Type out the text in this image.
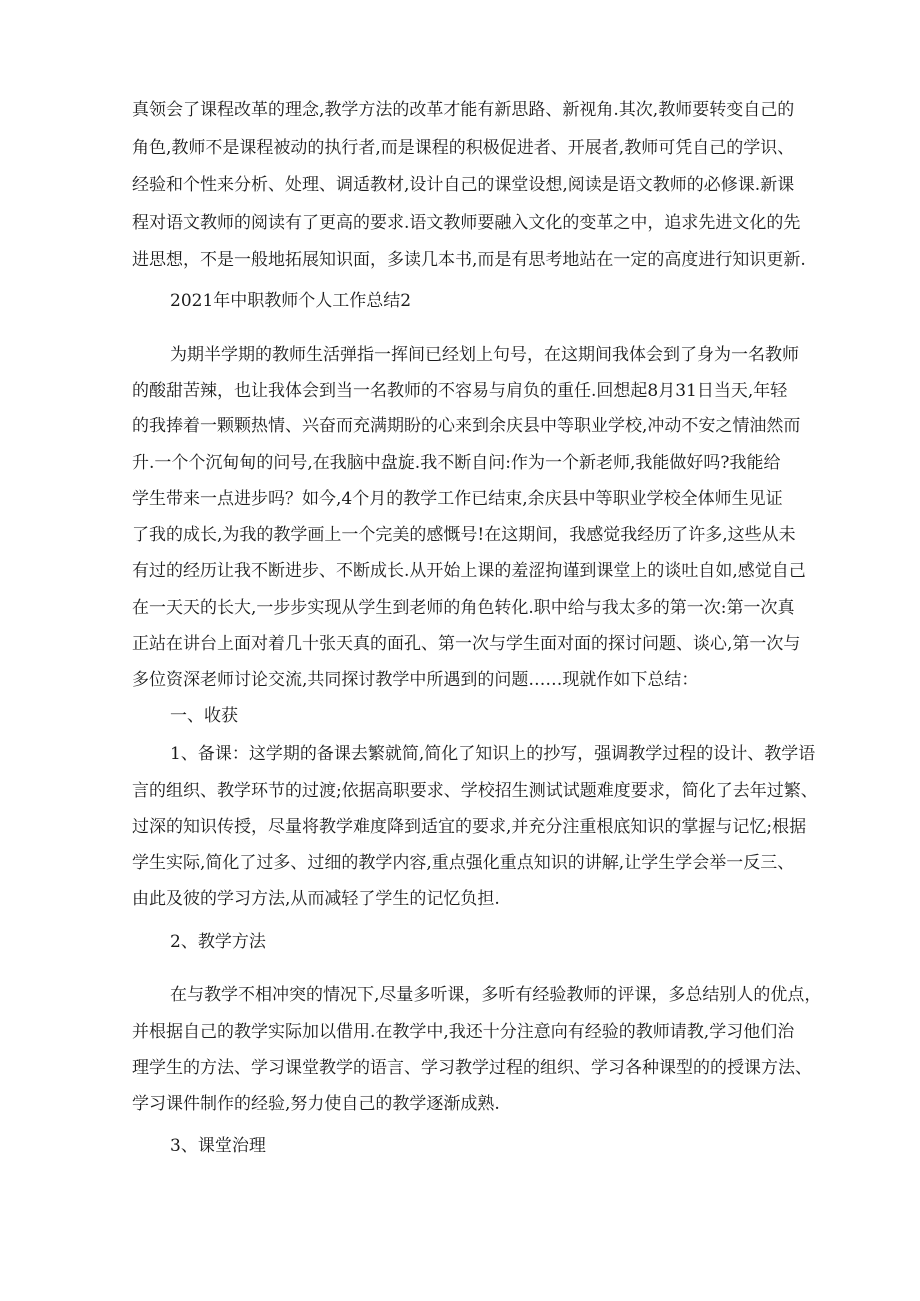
真领会了课程改革的理念,教学方法的改革才能有新思路、新视角.其次,教师要转变自己的
角色,教师不是课程被动的执行者,而是课程的积极促进者、开展者,教师可凭自己的学识、
经验和个性来分析、处理、调适教材,设计自己的课堂设想,阅读是语文教师的必修课.新课
程对语文教师的阅读有了更高的要求.语文教师要融入文化的变革之中，追求先进文化的先
进思想，不是一般地拓展知识面，多读几本书,而是有思考地站在一定的高度进行知识更新.
2021年中职教师个人工作总结2
为期半学期的教师生活弹指一挥间已经划上句号，在这期间我体会到了身为一名教师
的酸甜苦辣，也让我体会到当一名教师的不容易与肩负的重任.回想起8月31日当天,年轻
的我捧着一颗颗热情、兴奋而充满期盼的心来到余庆县中等职业学校,冲动不安之情油然而
升.一个个沉甸甸的问号,在我脑中盘旋.我不断自问:作为一个新老师,我能做好吗?我能给
学生带来一点进步吗？如今,4个月的教学工作已结束,余庆县中等职业学校全体师生见证
了我的成长,为我的教学画上一个完美的感慨号!在这期间，我感觉我经历了许多,这些从未
有过的经历让我不断进步、不断成长.从开始上课的羞涩拘谨到课堂上的谈吐自如,感觉自己
在一天天的长大,一步步实现从学生到老师的角色转化.职中给与我太多的第一次:第一次真
正站在讲台上面对着几十张天真的面孔、第一次与学生面对面的探讨问题、谈心,第一次与
多位资深老师讨论交流,共同探讨教学中所遇到的问题……现就作如下总结：
一、收获
1、备课：这学期的备课去繁就简,简化了知识上的抄写，强调教学过程的设计、教学语
言的组织、教学环节的过渡;依据高职要求、学校招生测试试题难度要求，简化了去年过繁、
过深的知识传授，尽量将教学难度降到适宜的要求,并充分注重根底知识的掌握与记忆;根据
学生实际,简化了过多、过细的教学内容,重点强化重点知识的讲解,让学生学会举一反三、
由此及彼的学习方法,从而减轻了学生的记忆负担.
2、教学方法
在与教学不相冲突的情况下,尽量多听课，多听有经验教师的评课，多总结别人的优点，
并根据自己的教学实际加以借用.在教学中,我还十分注意向有经验的教师请教,学习他们治
理学生的方法、学习课堂教学的语言、学习教学过程的组织、学习各种课型的的授课方法、
学习课件制作的经验,努力使自己的教学逐渐成熟.
3、课堂治理
